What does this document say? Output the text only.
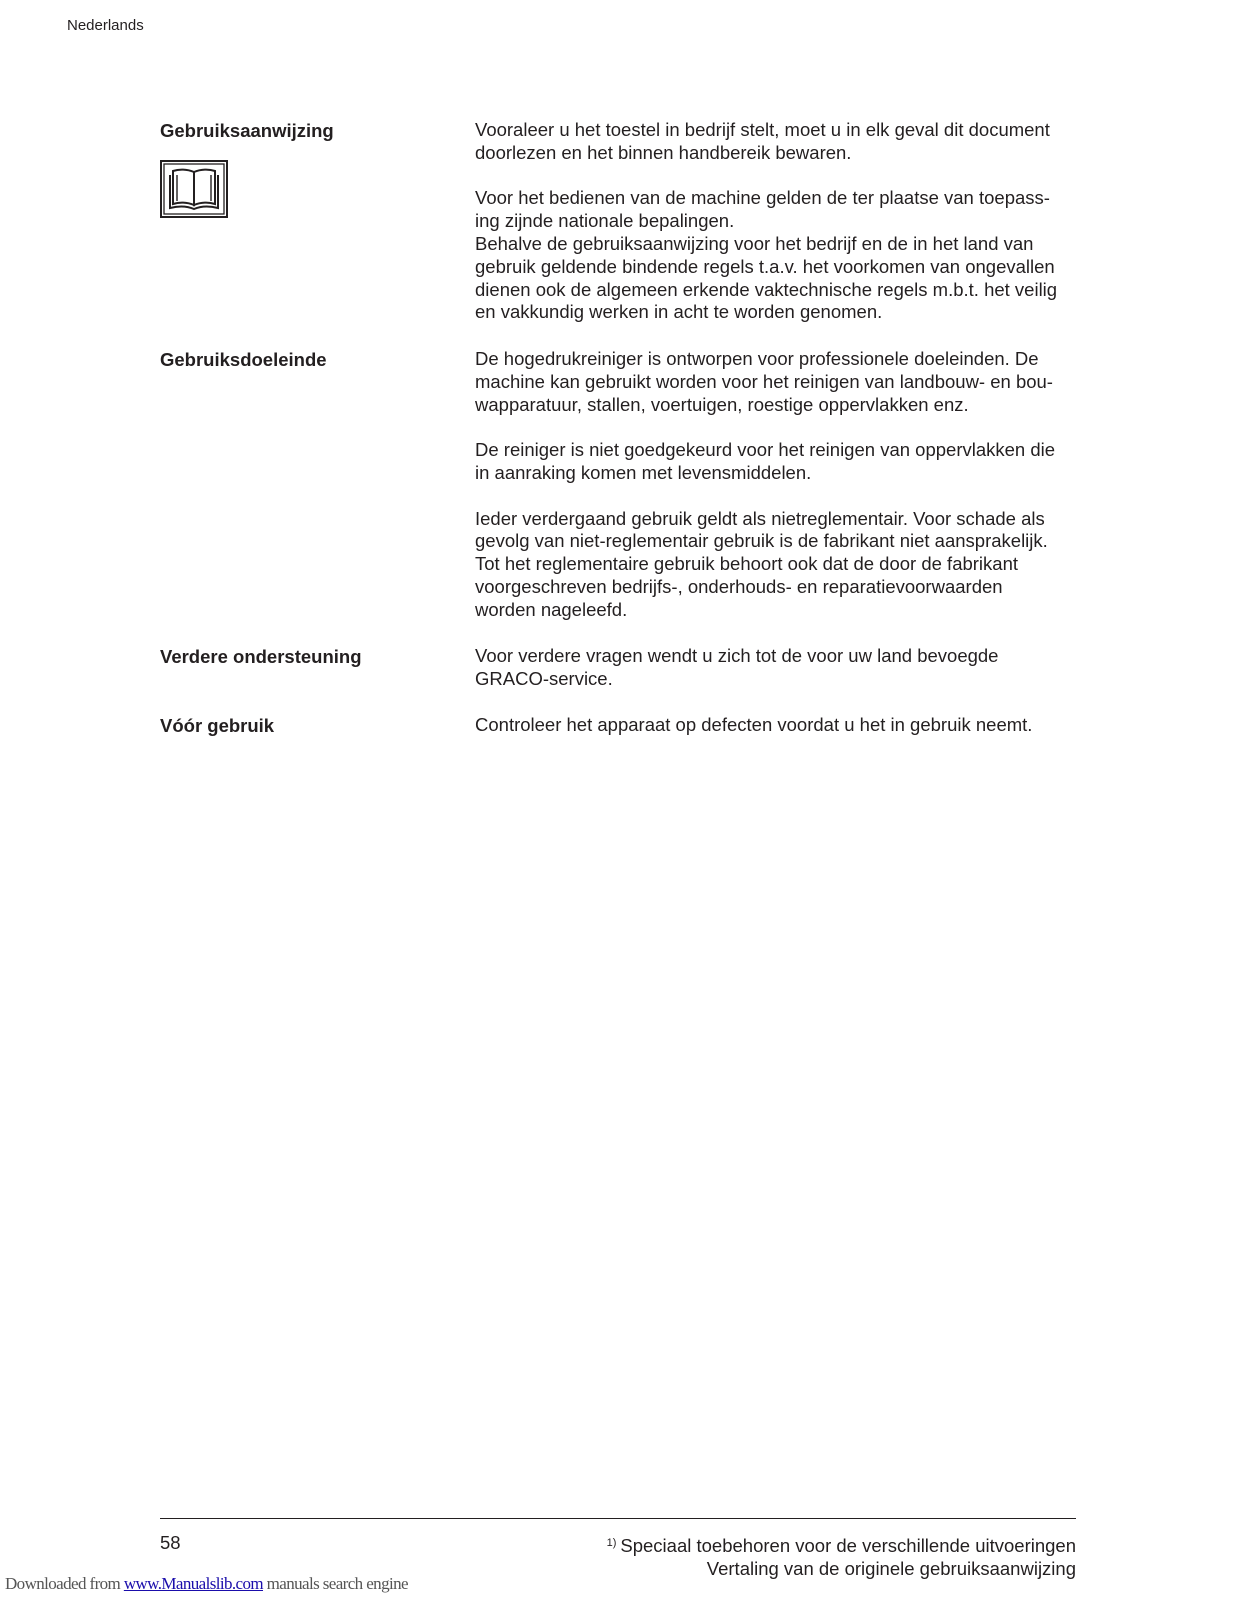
Nederlands
Gebruiksaanwijzing	Vooraleer u het toestel in bedrijf stelt, moet u in elk geval dit document
doorlezen en het binnen handbereik bewaren.
Voor het bedienen van de machine gelden de ter plaatse van toepass-
ing zijnde nationale bepalingen.
Behalve de gebruiksaanwijzing voor het bedrijf en de in het land van
gebruik geldende bindende regels t.a.v. het voorkomen van ongevallen
dienen ook de algemeen erkende vaktechnische regels m.b.t. het veilig
en vakkundig werken in acht te worden genomen.
Gebruiksdoeleinde	De hogedrukreiniger is ontworpen voor professionele doeleinden. De
machine kan gebruikt worden voor het reinigen van landbouw- en bou-
wapparatuur, stallen, voertuigen, roestige oppervlakken enz.
De reiniger is niet goedgekeurd voor het reinigen van oppervlakken die
in aanraking komen met levensmiddelen.
Ieder verdergaand gebruik geldt als nietreglementair. Voor schade als
gevolg van niet-reglementair gebruik is de fabrikant niet aansprakelijk.
Tot het reglementaire gebruik behoort ook dat de door de fabrikant
voorgeschreven bedrijfs-, onderhouds- en reparatievoorwaarden
worden nageleefd.
Verdere ondersteuning	Voor verdere vragen wendt u zich tot de voor uw land bevoegde
GRACO-service.
Vóór gebruik	Controleer het apparaat op defecten voordat u het in gebruik neemt.
58	$^{1)}$ Speciaal toebehoren voor de verschillende uitvoeringen
Vertaling van de originele gebruiksaanwijzing
Downloaded from www.Manualslib.com manuals search engine
